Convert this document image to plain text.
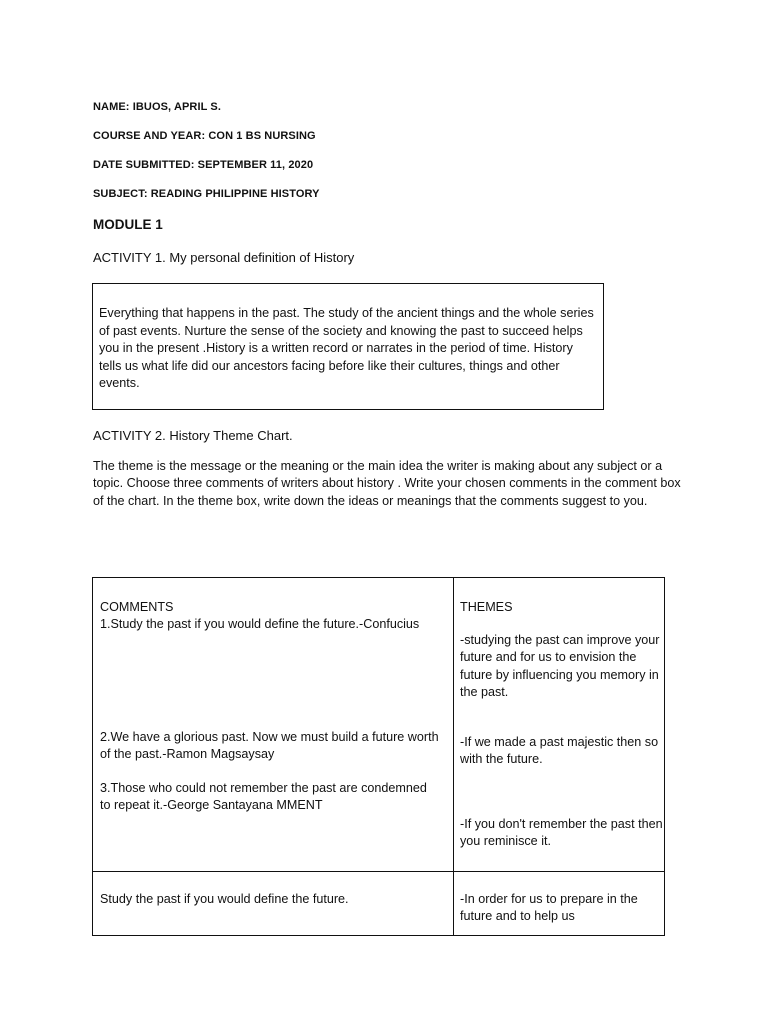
NAME: IBUOS, APRIL S.
COURSE AND YEAR: CON 1 BS NURSING
DATE SUBMITTED: SEPTEMBER 11, 2020
SUBJECT: READING PHILIPPINE HISTORY
MODULE 1
ACTIVITY 1. My personal definition of History
Everything that happens in the past. The study of the ancient things and the whole series of past events. Nurture the sense of the society and knowing the past to succeed helps you in the present .History is a written record or narrates in the period of time. History tells us what life did our ancestors facing before like their cultures, things and other events.
ACTIVITY 2. History Theme Chart.
The theme is the message or the meaning or the main idea the writer is making about any subject or a topic. Choose three comments of writers about history . Write your chosen comments in the comment box of the chart. In the theme box, write down the ideas or meanings that the comments suggest to you.
COMMENTS
1.Study the past if you would define the future.-Confucius
2.We have a glorious past. Now we must build a future worth of the past.-Ramon Magsaysay
3.Those who could not remember the past are condemned to repeat it.-George Santayana MMENT
THEMES
-studying the past can improve your future and for us to envision the future by influencing you memory in the past.
-If we made a past majestic then so with the future.
-If you don't remember the past then you reminisce it.
Study the past if you would define the future.	-In order for us to prepare in the future and to help us
